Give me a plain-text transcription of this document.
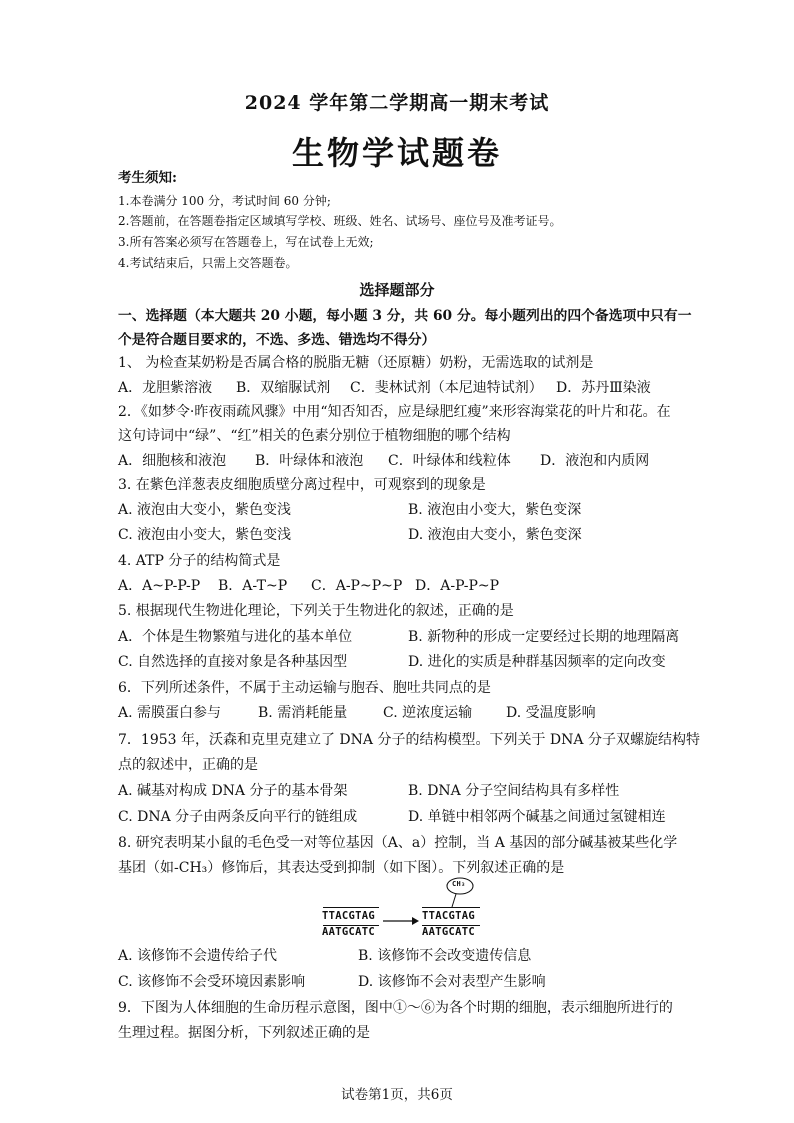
2024 学年第二学期高一期末考试
生物学试题卷
考生须知:
1.本卷满分 100 分，考试时间 60 分钟;
2.答题前，在答题卷指定区域填写学校、班级、姓名、试场号、座位号及准考证号。
3.所有答案必须写在答题卷上，写在试卷上无效;
4.考试结束后，只需上交答题卷。
选择题部分
一、选择题（本大题共 20 小题，每小题 3 分，共 60 分。每小题列出的四个备选项中只有一
个是符合题目要求的，不选、多选、错选均不得分）
1、 为检查某奶粉是否属合格的脱脂无糖（还原糖）奶粉，无需选取的试剂是
A．龙胆紫溶液 B．双缩脲试剂 C．斐林试剂（本尼迪特试剂） D．苏丹Ⅲ染液
2．《如梦令·昨夜雨疏风骤》中用“知否知否，应是绿肥红瘦”来形容海棠花的叶片和花。在
这句诗词中“绿”、“红”相关的色素分别位于植物细胞的哪个结构
A．细胞核和液泡 B．叶绿体和液泡 C．叶绿体和线粒体 D．液泡和内质网
3. 在紫色洋葱表皮细胞质壁分离过程中，可观察到的现象是
A. 液泡由大变小，紫色变浅	B. 液泡由小变大，紫色变深
C. 液泡由小变大，紫色变浅	D. 液泡由大变小，紫色变深
4. ATP 分子的结构简式是
A．A~P-P-P B．A-T~P C．A-P~P~P D．A-P-P~P
5. 根据现代生物进化理论，下列关于生物进化的叙述，正确的是
A．个体是生物繁殖与进化的基本单位	B. 新物种的形成一定要经过长期的地理隔离
C. 自然选择的直接对象是各种基因型	D. 进化的实质是种群基因频率的定向改变
6．下列所述条件，不属于主动运输与胞吞、胞吐共同点的是
A. 需膜蛋白参与	B. 需消耗能量	C. 逆浓度运输 D. 受温度影响
7．1953 年，沃森和克里克建立了 DNA 分子的结构模型。下列关于 DNA 分子双螺旋结构特
点的叙述中，正确的是
A. 碱基对构成 DNA 分子的基本骨架	B. DNA 分子空间结构具有多样性
C. DNA 分子由两条反向平行的链组成	D. 单链中相邻两个碱基之间通过氢键相连
8. 研究表明某小鼠的毛色受一对等位基因（A、a）控制，当 A 基因的部分碱基被某些化学
基团（如-CH₃）修饰后，其表达受到抑制（如下图）。下列叙述正确的是
TTACGTAG
AATGCATC
CH₃
TTACGTAG
AATGCATC
A. 该修饰不会遗传给子代	B. 该修饰不会改变遗传信息
C. 该修饰不会受环境因素影响	D. 该修饰不会对表型产生影响
9．下图为人体细胞的生命历程示意图，图中①～⑥为各个时期的细胞，表示细胞所进行的
生理过程。据图分析，下列叙述正确的是
试卷第1页，共6页
